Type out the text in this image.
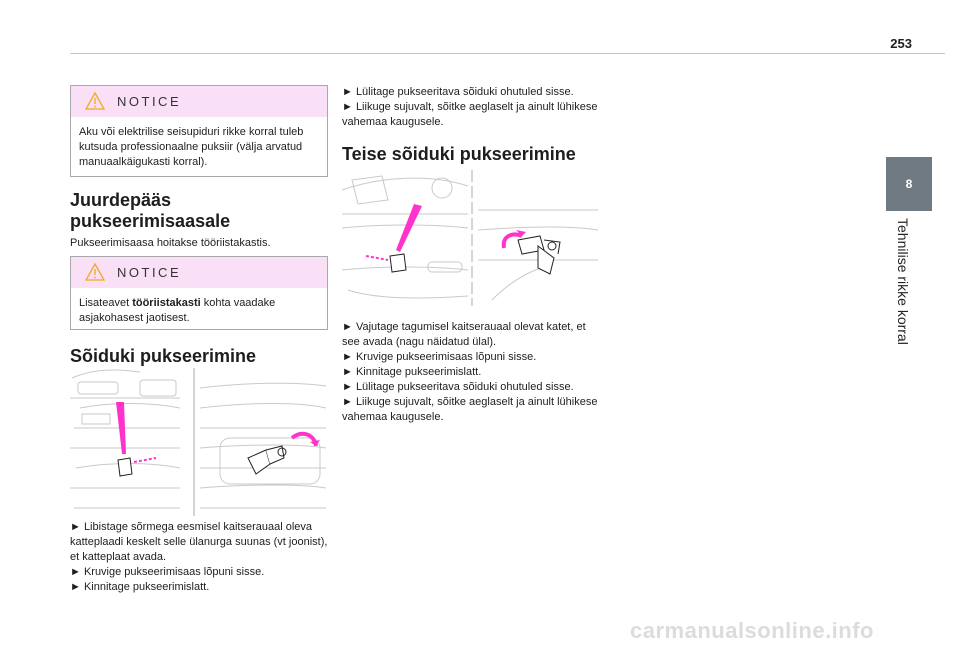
253
8
Tehnilise rikke korral
NOTICE
Aku või elektrilise seisupiduri rikke korral tuleb kutsuda professionaalne puksiir (välja arvatud manuaalkäigukasti korral).
Juurdepääs pukseerimisaasale
Pukseerimisaasa hoitakse tööriistakastis.
NOTICE
Lisateavet tööriistakasti kohta vaadake asjakohasest jaotisest.
Sõiduki pukseerimine
► Libistage sõrmega eesmisel kaitserauaal oleva katteplaadi keskelt selle ülanurga suunas (vt joonist), et katteplaat avada.
► Kruvige pukseerimisaas lõpuni sisse.
► Kinnitage pukseerimislatt.
► Lülitage pukseeritava sõiduki ohutuled sisse.
► Liikuge sujuvalt, sõitke aeglaselt ja ainult lühikese vahemaa kaugusele.
Teise sõiduki pukseerimine
► Vajutage tagumisel kaitserauaal olevat katet, et see avada (nagu näidatud ülal).
► Kruvige pukseerimisaas lõpuni sisse.
► Kinnitage pukseerimislatt.
► Lülitage pukseeritava sõiduki ohutuled sisse.
► Liikuge sujuvalt, sõitke aeglaselt ja ainult lühikese vahemaa kaugusele.
carmanualsonline.info
